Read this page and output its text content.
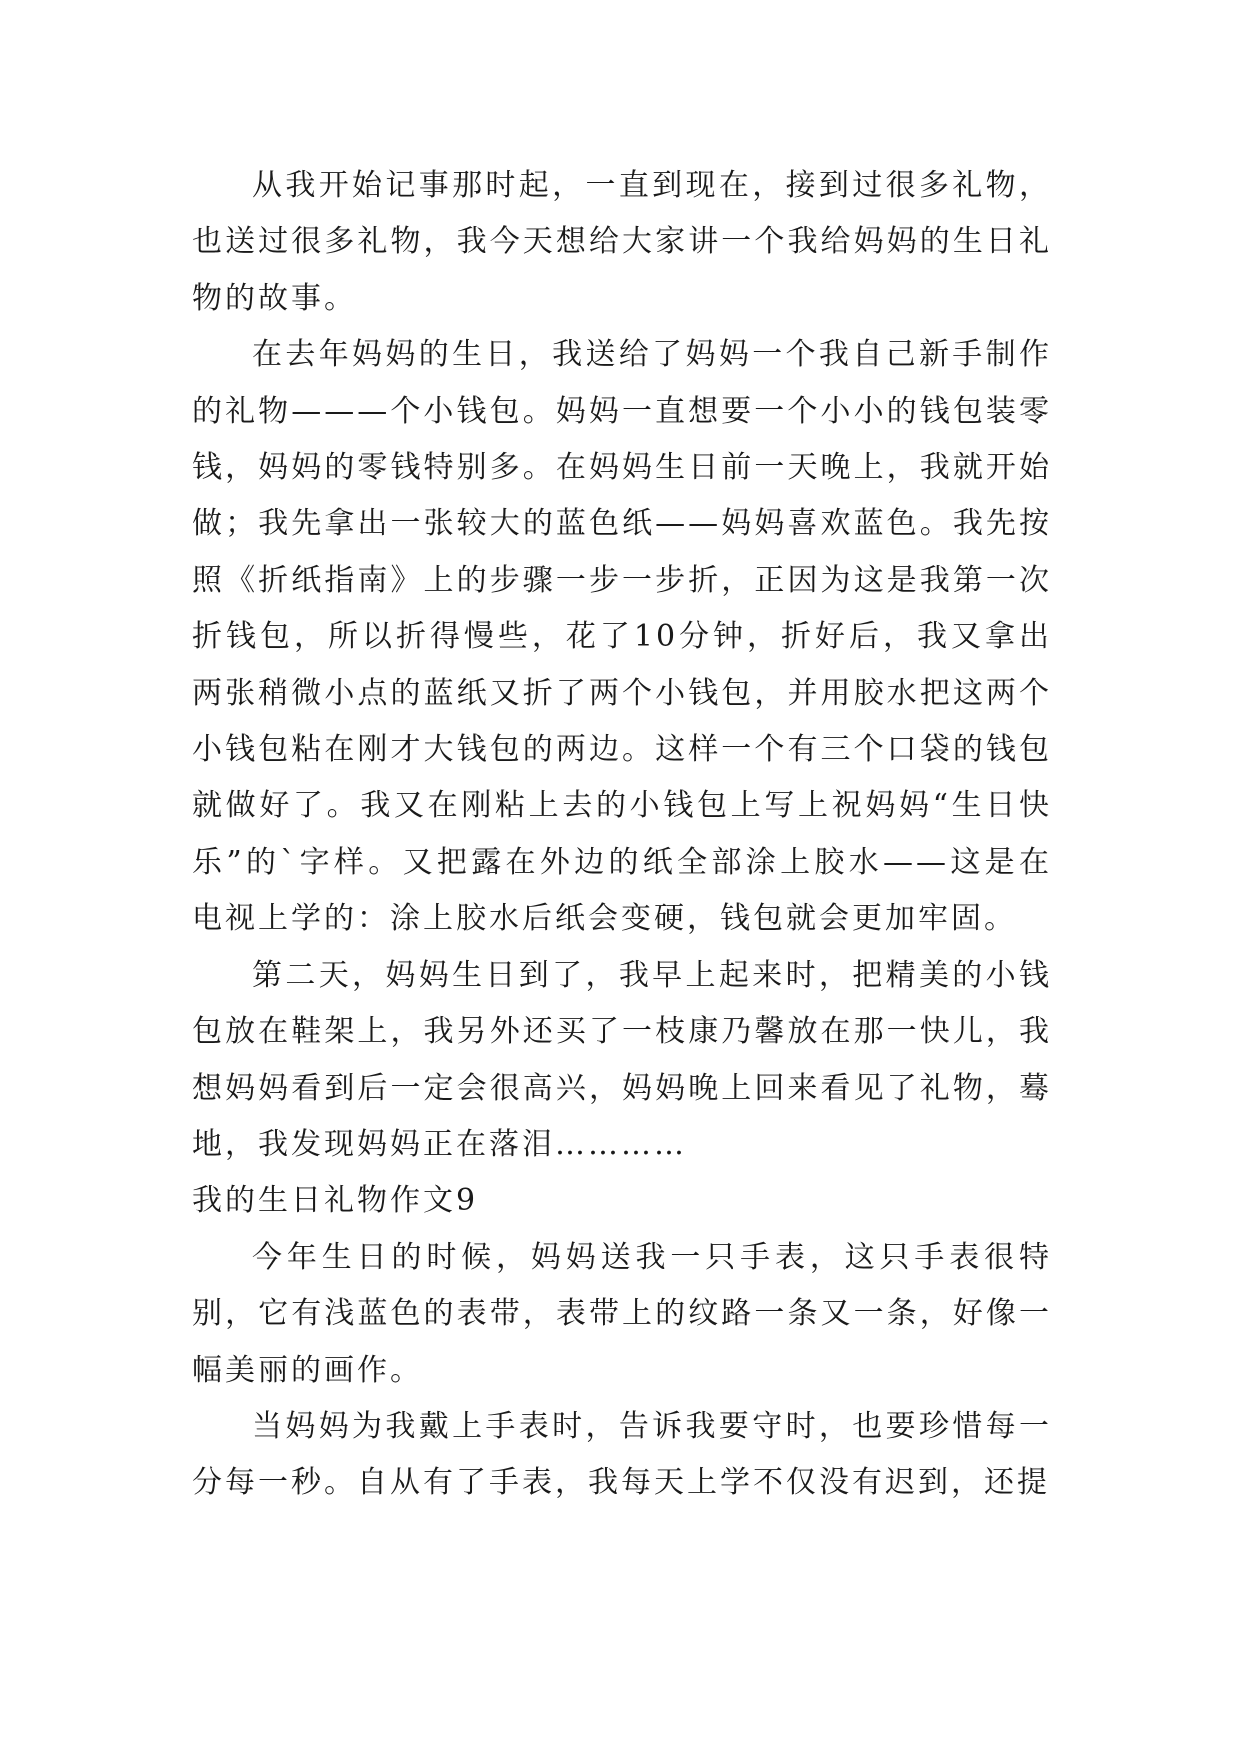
从我开始记事那时起，一直到现在，接到过很多礼物，也送过很多礼物，我今天想给大家讲一个我给妈妈的生日礼物的故事。

在去年妈妈的生日，我送给了妈妈一个我自己新手制作的礼物———个小钱包。妈妈一直想要一个小小的钱包装零钱，妈妈的零钱特别多。在妈妈生日前一天晚上，我就开始做；我先拿出一张较大的蓝色纸——妈妈喜欢蓝色。我先按照《折纸指南》上的步骤一步一步折，正因为这是我第一次折钱包，所以折得慢些，花了10分钟，折好后，我又拿出两张稍微小点的蓝纸又折了两个小钱包，并用胶水把这两个小钱包粘在刚才大钱包的两边。这样一个有三个口袋的钱包就做好了。我又在刚粘上去的小钱包上写上祝妈妈“生日快乐”的`字样。又把露在外边的纸全部涂上胶水——这是在电视上学的：涂上胶水后纸会变硬，钱包就会更加牢固。

第二天，妈妈生日到了，我早上起来时，把精美的小钱包放在鞋架上，我另外还买了一枝康乃馨放在那一快儿，我想妈妈看到后一定会很高兴，妈妈晚上回来看见了礼物，蓦地，我发现妈妈正在落泪…………

我的生日礼物作文9

今年生日的时候，妈妈送我一只手表，这只手表很特别，它有浅蓝色的表带，表带上的纹路一条又一条，好像一幅美丽的画作。

当妈妈为我戴上手表时，告诉我要守时，也要珍惜每一分每一秒。自从有了手表，我每天上学不仅没有迟到，还提
